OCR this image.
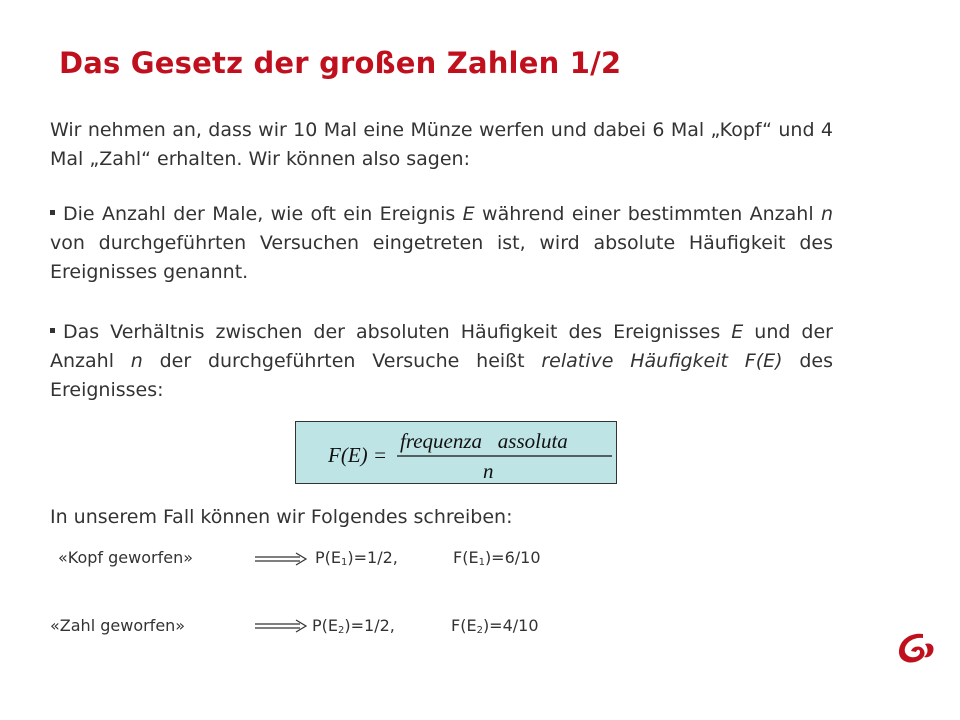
Das Gesetz der großen Zahlen 1/2
Wir nehmen an, dass wir 10 Mal eine Münze werfen und dabei 6 Mal „Kopf“ und 4 Mal „Zahl“ erhalten. Wir können also sagen:
Die Anzahl der Male, wie oft ein Ereignis E während einer bestimmten Anzahl n von durchgeführten Versuchen eingetreten ist, wird absolute Häufigkeit des Ereignisses genannt.
Das Verhältnis zwischen der absoluten Häufigkeit des Ereignisses E und der Anzahl n der durchgeführten Versuche heißt relative Häufigkeit F(E) des Ereignisses:
F(E) =
frequenza   assoluta
n
In unserem Fall können wir Folgendes schreiben:
«Kopf geworfen»	$P(E_1)=1/2$,	$F(E_1)=6/10$
«Zahl geworfen»	$P(E_2)=1/2$,	$F(E_2)=4/10$
